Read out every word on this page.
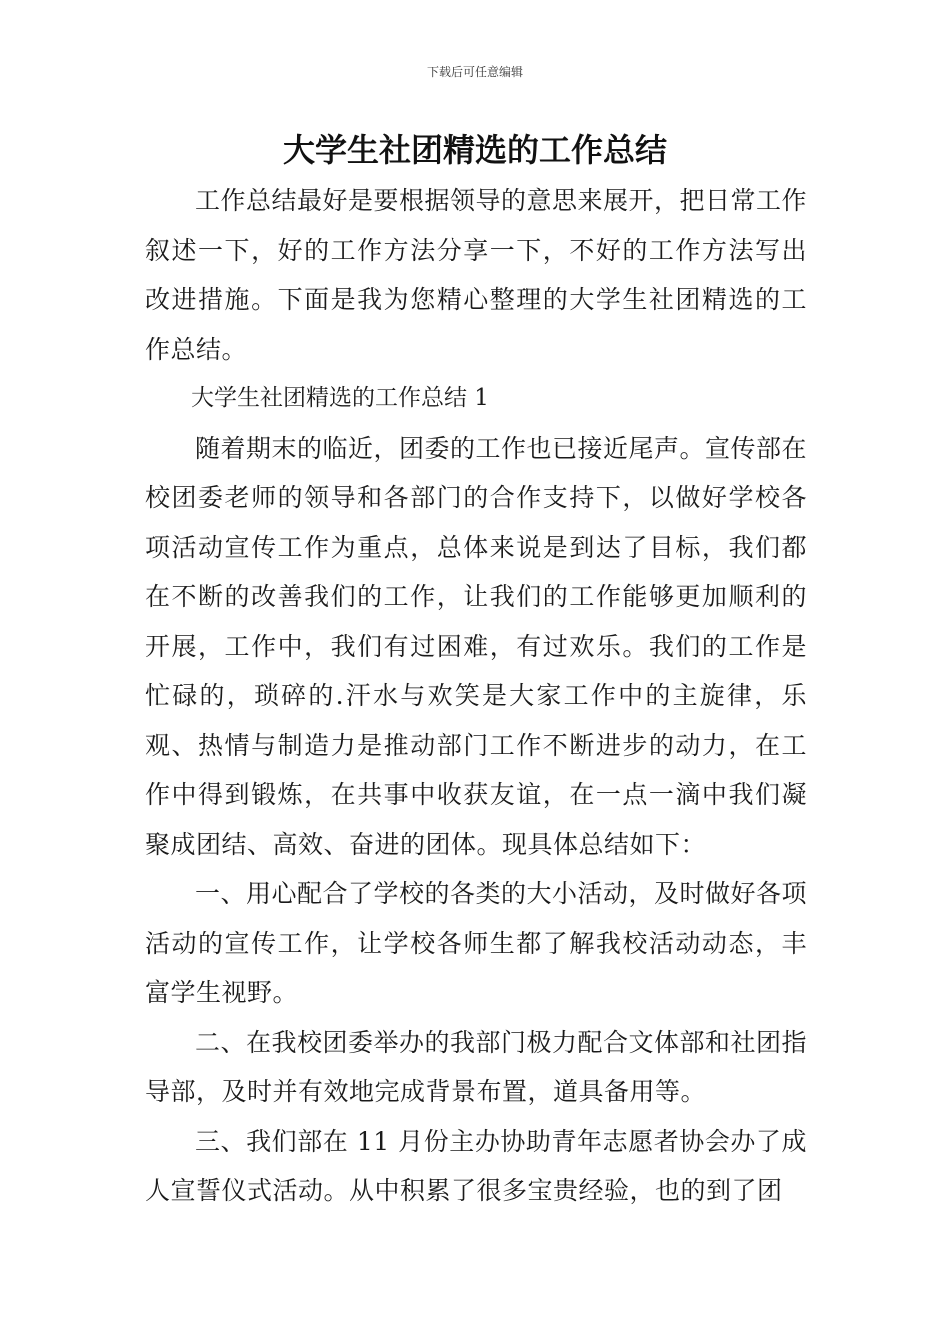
下载后可任意编辑
大学生社团精选的工作总结

工作总结最好是要根据领导的意思来展开，把日常工作叙述一下，好的工作方法分享一下，不好的工作方法写出改进措施。下面是我为您精心整理的大学生社团精选的工作总结。

大学生社团精选的工作总结 1

随着期末的临近，团委的工作也已接近尾声。宣传部在校团委老师的领导和各部门的合作支持下，以做好学校各项活动宣传工作为重点，总体来说是到达了目标，我们都在不断的改善我们的工作，让我们的工作能够更加顺利的开展，工作中，我们有过困难，有过欢乐。我们的工作是忙碌的，琐碎的.汗水与欢笑是大家工作中的主旋律，乐观、热情与制造力是推动部门工作不断进步的动力，在工作中得到锻炼，在共事中收获友谊，在一点一滴中我们凝聚成团结、高效、奋进的团体。现具体总结如下：

一、用心配合了学校的各类的大小活动，及时做好各项活动的宣传工作，让学校各师生都了解我校活动动态，丰富学生视野。

二、在我校团委举办的我部门极力配合文体部和社团指导部，及时并有效地完成背景布置，道具备用等。

三、我们部在 11 月份主办协助青年志愿者协会办了成人宣誓仪式活动。从中积累了很多宝贵经验，也的到了团
